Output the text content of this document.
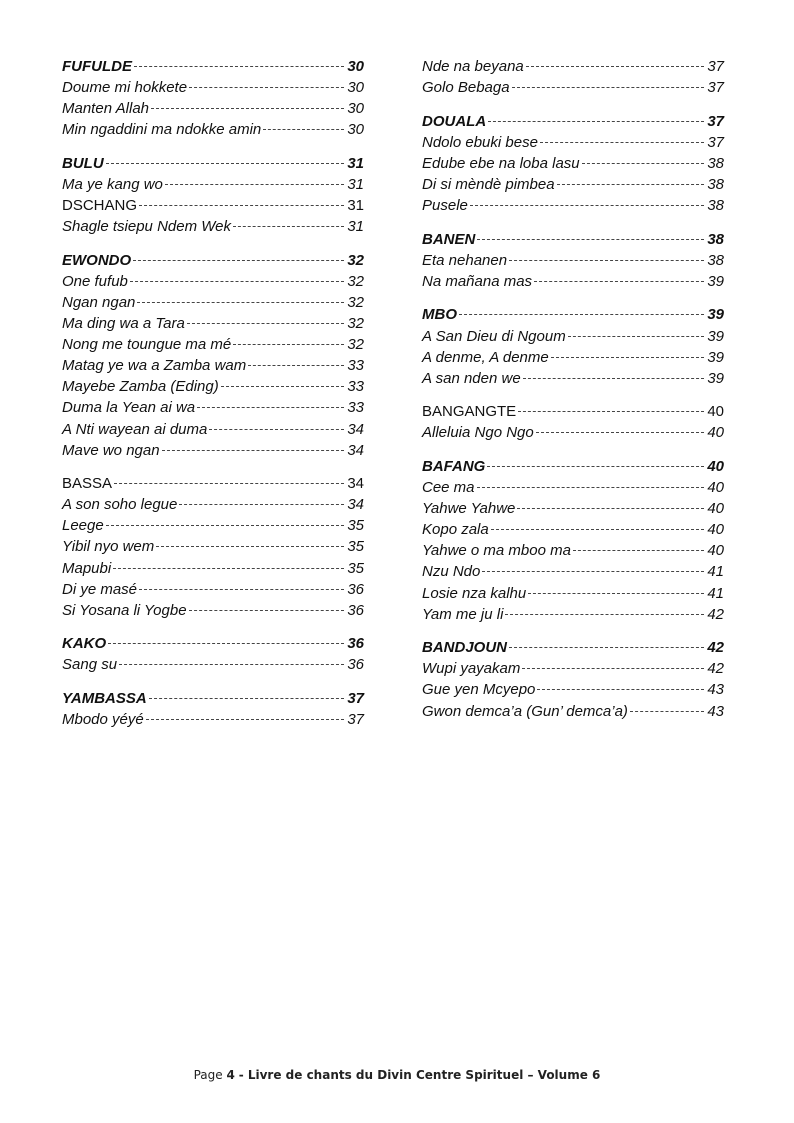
FUFULDE	30
Doume mi hokkete	30
Manten Allah	30
Min ngaddini ma ndokke amin	30
BULU	31
Ma ye kang wo	31
DSCHANG	31
Shagle tsiepu Ndem Wek	31
EWONDO	32
One fufub	32
Ngan ngan	32
Ma ding wa a Tara	32
Nong me toungue ma mé	32
Matag ye wa a Zamba wam	33
Mayebe Zamba (Eding)	33
Duma la Yean ai wa	33
A Nti wayean ai duma	34
Mave wo ngan	34
BASSA	34
A son soho legue	34
Leege	35
Yibil nyo wem	35
Mapubi	35
Di ye masé	36
Si Yosana li Yogbe	36
KAKO	36
Sang su	36
YAMBASSA	37
Mbodo yéyé	37
Nde na beyana	37
Golo Bebaga	37
DOUALA	37
Ndolo ebuki bese	37
Edube ebe na loba lasu	38
Di si mèndè pimbea	38
Pusele	38
BANEN	38
Eta nehanen	38
Na mañana mas	39
MBO	39
A San Dieu di Ngoum	39
A denme, A denme	39
A san nden we	39
BANGANGTE	40
Alleluia Ngo Ngo	40
BAFANG	40
Cee ma	40
Yahwe Yahwe	40
Kopo zala	40
Yahwe o ma mboo ma	40
Nzu Ndo	41
Losie nza kalhu	41
Yam me ju li	42
BANDJOUN	42
Wupi yayakam	42
Gue yen Mcyepo	43
Gwon demca’a (Gun’ demca’a)	43
Page 4 - Livre de chants du Divin Centre Spirituel – Volume 6
